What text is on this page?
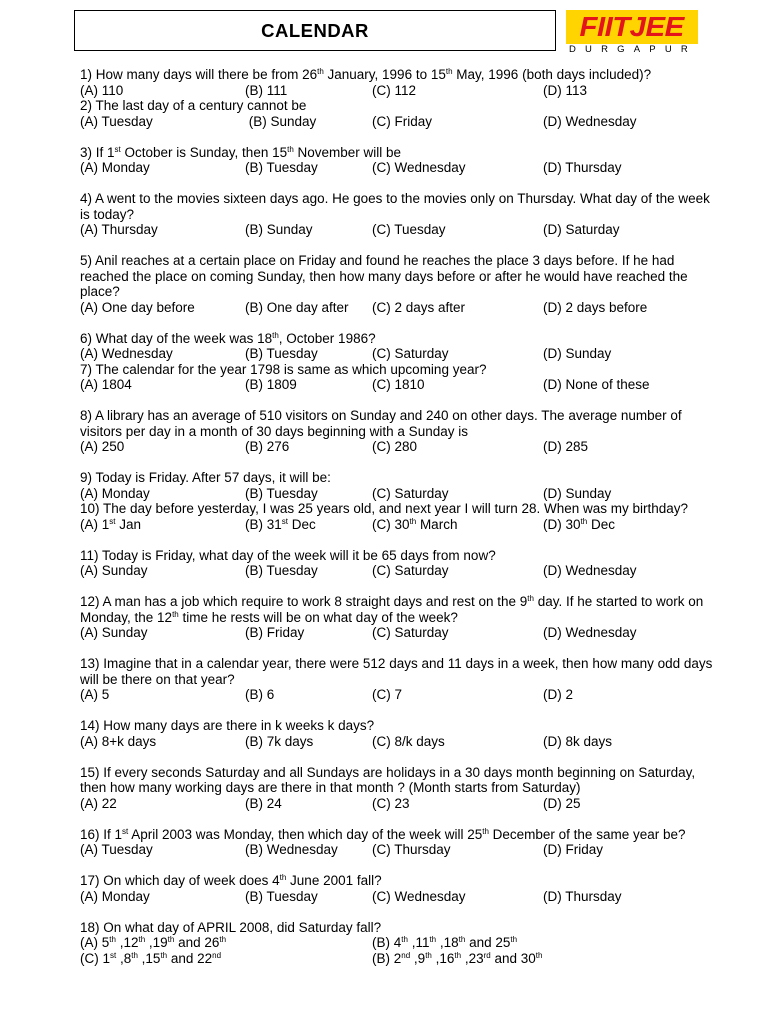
CALENDAR	FIITJEE
DURGAPUR
1) How many days will there be from 26th January, 1996 to 15th May, 1996 (both days included)?
(A) 110	(B) 111	(C) 112	(D) 113
2) The last day of a century cannot be
(A) Tuesday	(B) Sunday	(C) Friday	(D) Wednesday
3) If 1st October is Sunday, then 15th November will be
(A) Monday	(B) Tuesday	(C) Wednesday	(D) Thursday
4) A went to the movies sixteen days ago. He goes to the movies only on Thursday. What day of the week is today?
(A) Thursday	(B) Sunday	(C) Tuesday	(D) Saturday
5) Anil reaches at a certain place on Friday and found he reaches the place 3 days before. If he had reached the place on coming Sunday, then how many days before or after he would have reached the place?
(A) One day before	(B) One day after (C) 2 days after	(D) 2 days before
6) What day of the week was 18th, October 1986?
(A) Wednesday	(B) Tuesday	(C) Saturday	(D) Sunday
7) The calendar for the year 1798 is same as which upcoming year?
(A) 1804	(B) 1809	(C) 1810	(D) None of these
8) A library has an average of 510 visitors on Sunday and 240 on other days. The average number of visitors per day in a month of 30 days beginning with a Sunday is
(A) 250	(B) 276	(C) 280	(D) 285
9) Today is Friday. After 57 days, it will be:
(A) Monday	(B) Tuesday	(C) Saturday	(D) Sunday
10) The day before yesterday, I was 25 years old, and next year I will turn 28. When was my birthday?
(A) 1st Jan	(B) 31st Dec	(C) 30th March	(D) 30th Dec
11) Today is Friday, what day of the week will it be 65 days from now?
(A) Sunday	(B) Tuesday	(C) Saturday	(D) Wednesday
12) A man has a job which require to work 8 straight days and rest on the 9th day. If he started to work on Monday, the 12th time he rests will be on what day of the week?
(A) Sunday	(B) Friday	(C) Saturday	(D) Wednesday
13) Imagine that in a calendar year, there were 512 days and 11 days in a week, then how many odd days will be there on that year?
(A) 5	(B) 6	(C) 7	(D) 2
14) How many days are there in k weeks k days?
(A) 8+k days	(B) 7k days	(C) 8/k days	(D) 8k days
15) If every seconds Saturday and all Sundays are holidays in a 30 days month beginning on Saturday, then how many working days are there in that month ? (Month starts from Saturday)
(A) 22	(B) 24	(C) 23	(D) 25
16) If 1st April 2003 was Monday, then which day of the week will 25th December of the same year be?
(A) Tuesday	(B) Wednesday	(C) Thursday	(D) Friday
17) On which day of week does 4th June 2001 fall?
(A) Monday	(B) Tuesday	(C) Wednesday	(D) Thursday
18) On what day of APRIL 2008, did Saturday fall?
(A) 5th ,12th ,19th and 26th	(B) 4th ,11th ,18th and 25th
(C) 1st ,8th ,15th and 22nd	(B) 2nd ,9th ,16th ,23rd and 30th
